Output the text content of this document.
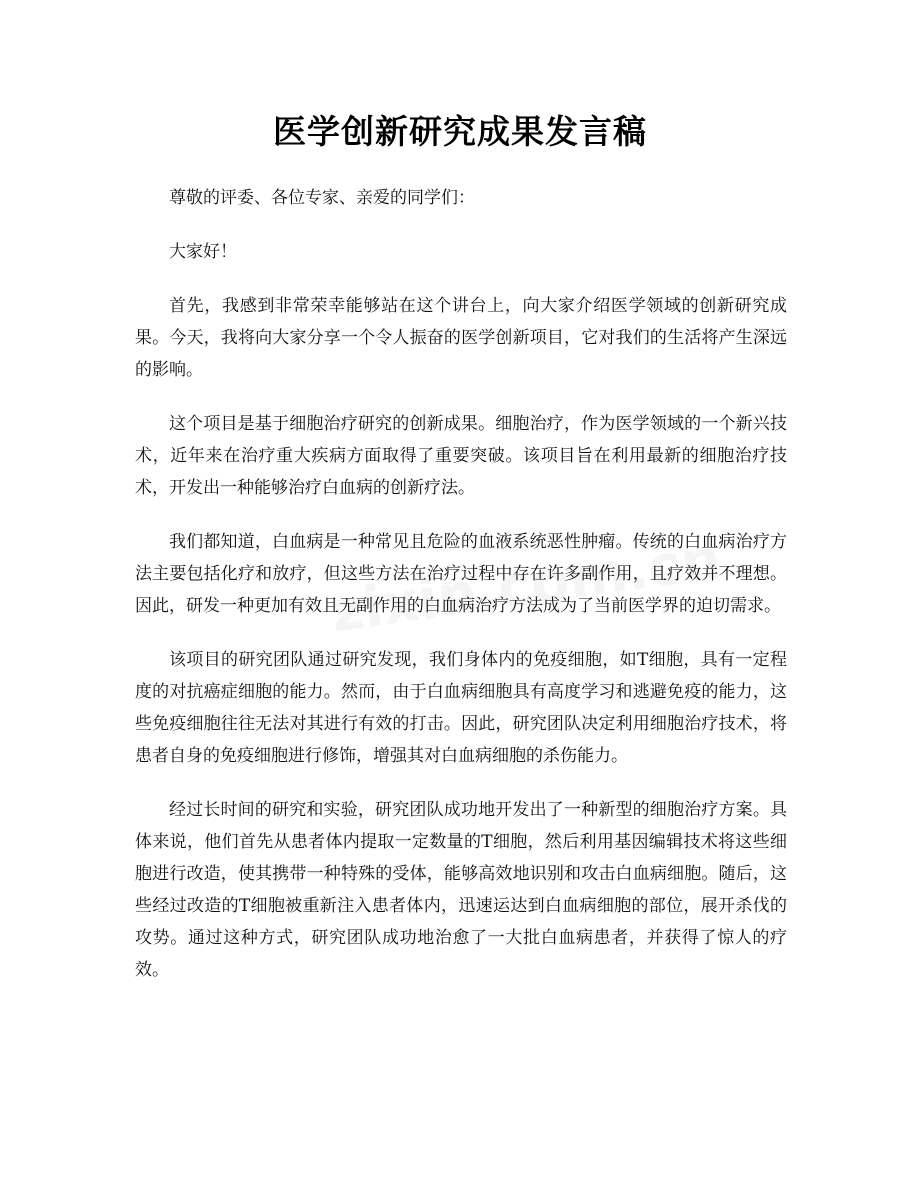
医学创新研究成果发言稿

尊敬的评委、各位专家、亲爱的同学们：

大家好！

首先，我感到非常荣幸能够站在这个讲台上，向大家介绍医学领域的创新研究成果。今天，我将向大家分享一个令人振奋的医学创新项目，它对我们的生活将产生深远的影响。

这个项目是基于细胞治疗研究的创新成果。细胞治疗，作为医学领域的一个新兴技术，近年来在治疗重大疾病方面取得了重要突破。该项目旨在利用最新的细胞治疗技术，开发出一种能够治疗白血病的创新疗法。

我们都知道，白血病是一种常见且危险的血液系统恶性肿瘤。传统的白血病治疗方法主要包括化疗和放疗，但这些方法在治疗过程中存在许多副作用，且疗效并不理想。因此，研发一种更加有效且无副作用的白血病治疗方法成为了当前医学界的迫切需求。

该项目的研究团队通过研究发现，我们身体内的免疫细胞，如T细胞，具有一定程度的对抗癌症细胞的能力。然而，由于白血病细胞具有高度学习和逃避免疫的能力，这些免疫细胞往往无法对其进行有效的打击。因此，研究团队决定利用细胞治疗技术，将患者自身的免疫细胞进行修饰，增强其对白血病细胞的杀伤能力。

经过长时间的研究和实验，研究团队成功地开发出了一种新型的细胞治疗方案。具体来说，他们首先从患者体内提取一定数量的T细胞，然后利用基因编辑技术将这些细胞进行改造，使其携带一种特殊的受体，能够高效地识别和攻击白血病细胞。随后，这些经过改造的T细胞被重新注入患者体内，迅速运达到白血病细胞的部位，展开杀伐的攻势。通过这种方式，研究团队成功地治愈了一大批白血病患者，并获得了惊人的疗效。
